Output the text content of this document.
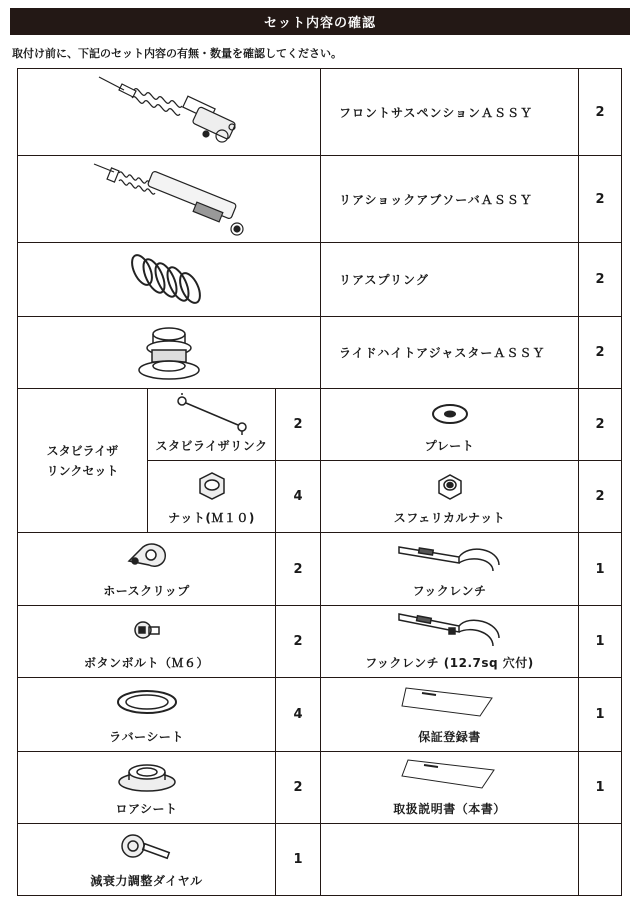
セット内容の確認
取付け前に、下記のセット内容の有無・数量を確認してください。
	フロントサスペンションＡＳＳＹ	2

	リアショックアブソーバＡＳＳＹ	2

	リアスプリング	2

	ライドハイトアジャスターＡＳＳＹ	2

スタビライザ
リンクセット	スタビライザリンク	2	プレート	2

	ナット(Ｍ１０)	4	スフェリカルナット	2

ホースクリップ		2	フックレンチ	1

ボタンボルト（Ｍ６）		2	フックレンチ (12.7sq 穴付)	1

ラバーシート		4	保証登録書	1

ロアシート		2	取扱説明書（本書）	1

減衰力調整ダイヤル		1		
